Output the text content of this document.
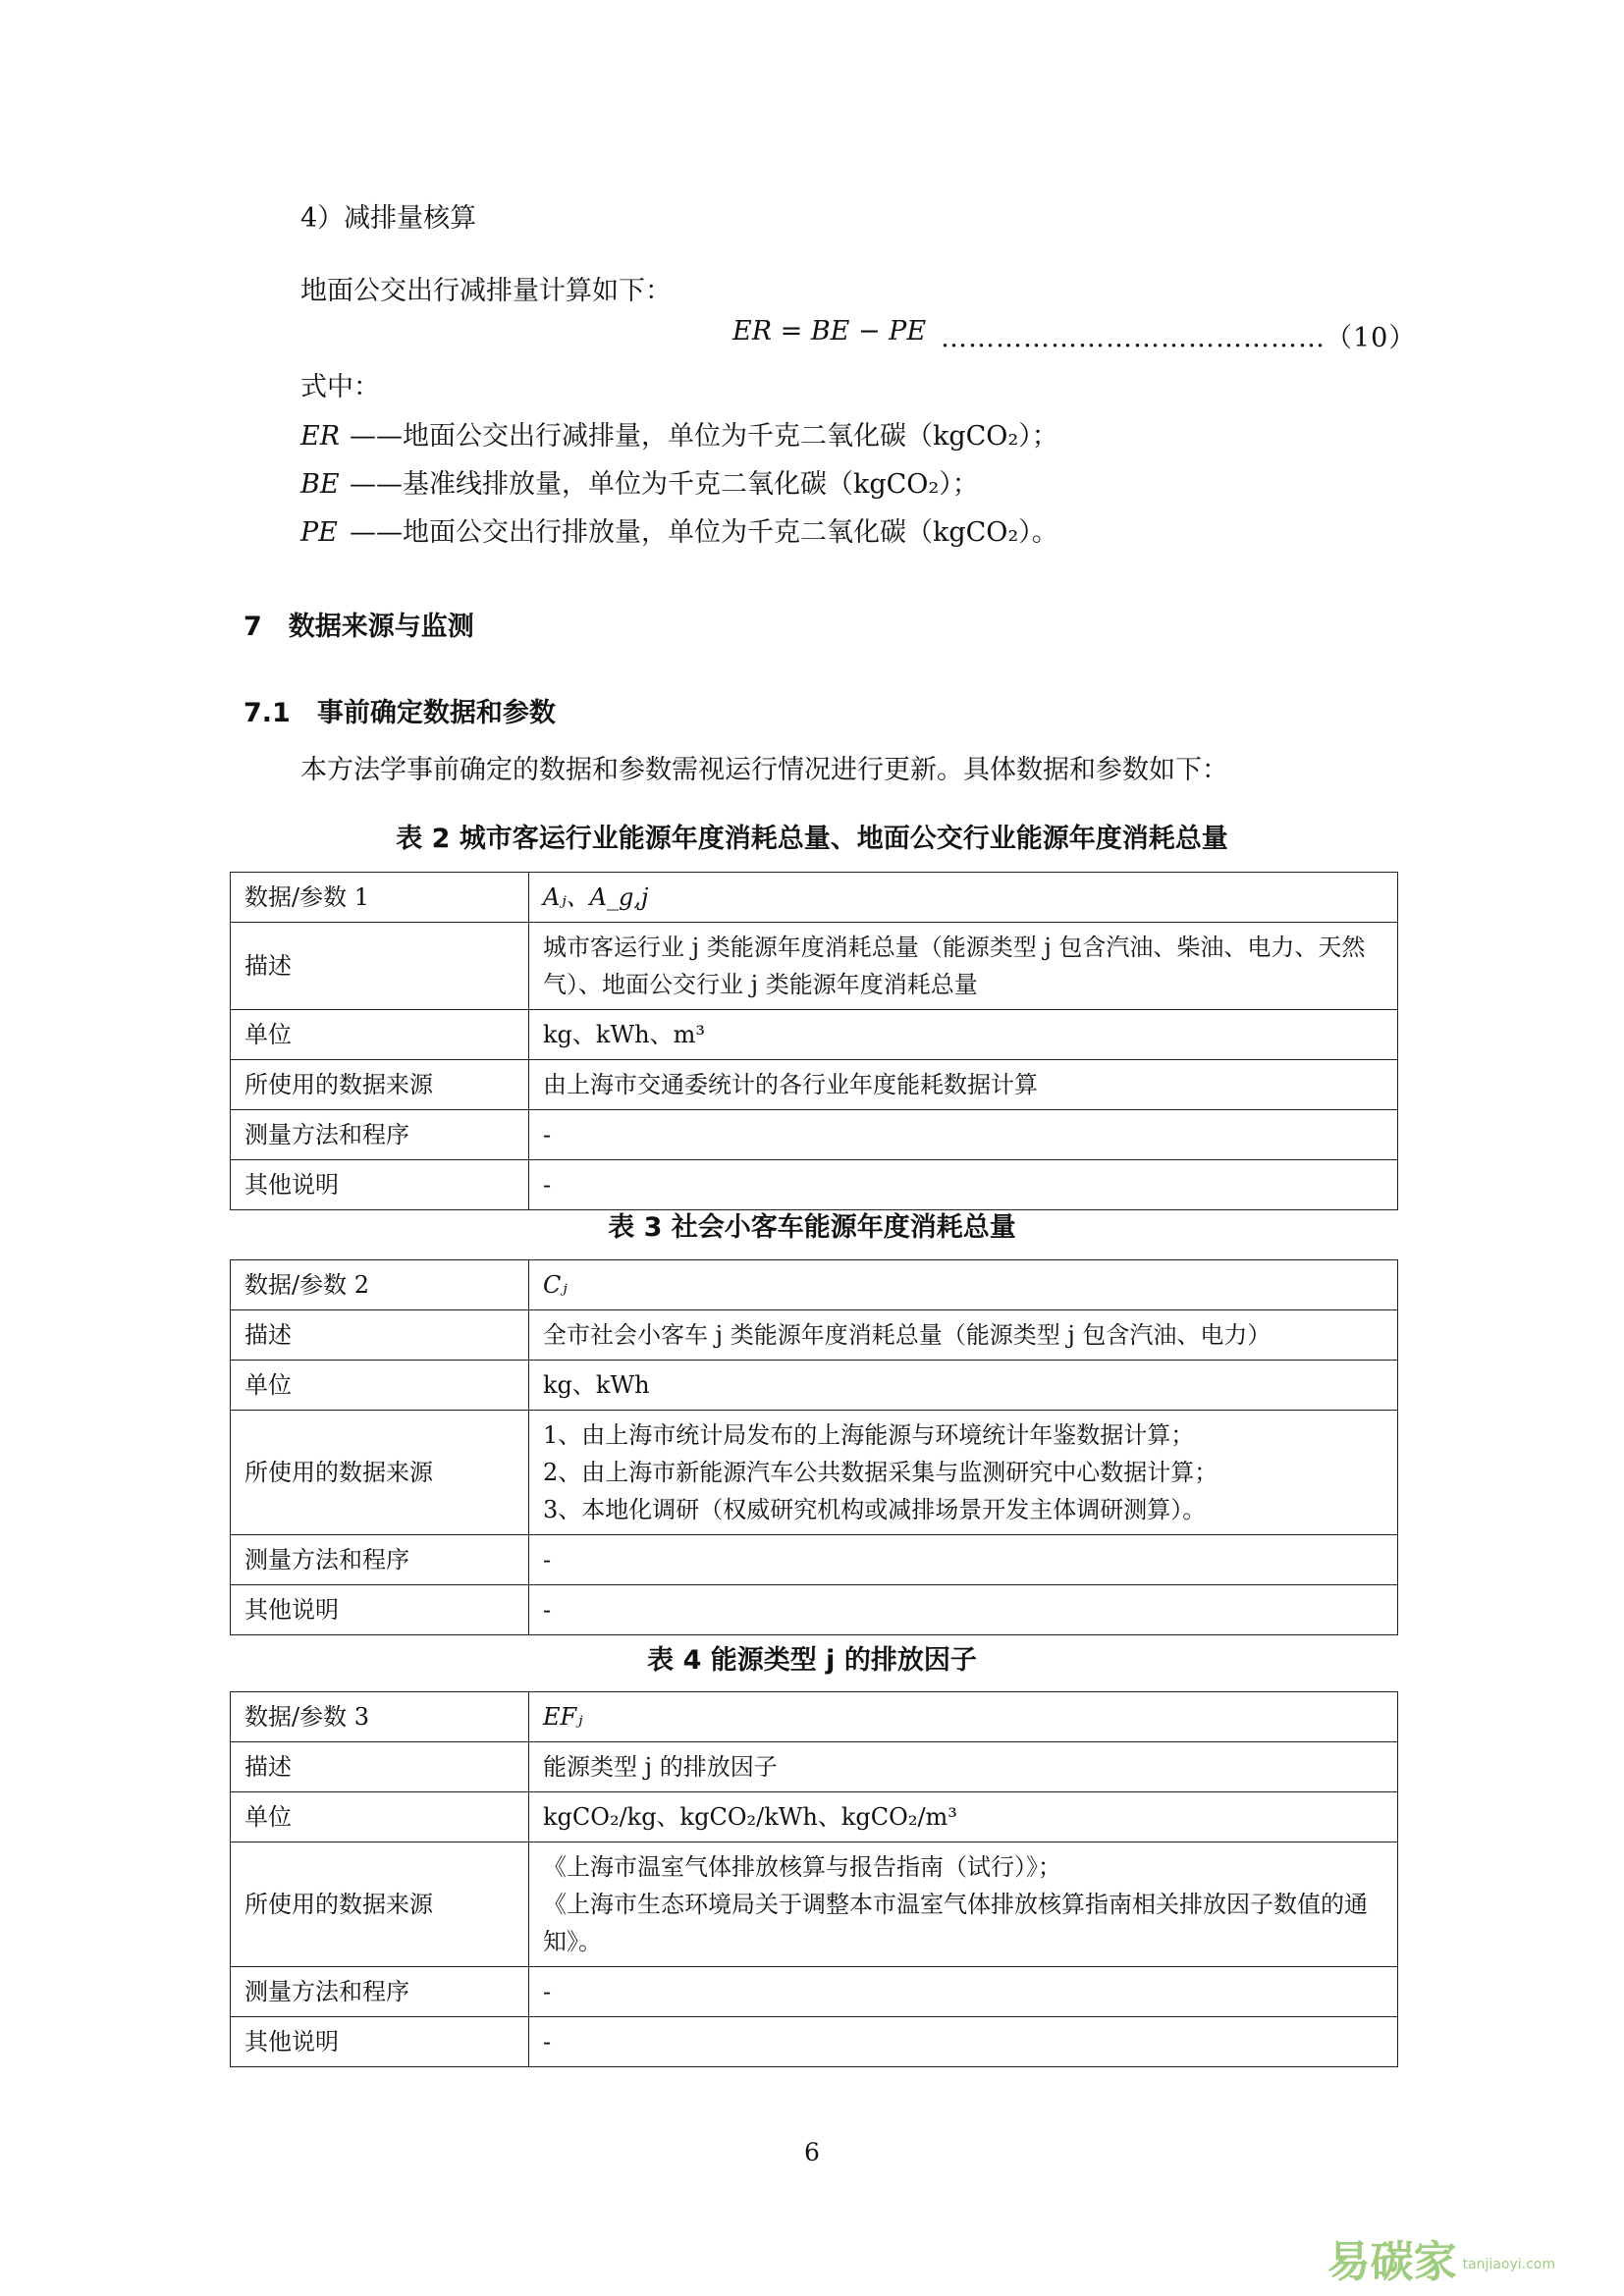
4）减排量核算
地面公交出行减排量计算如下：
ER = BE − PE ……………………………………（10）
式中：
ER ——地面公交出行减排量，单位为千克二氧化碳（kgCO₂）；
BE ——基准线排放量，单位为千克二氧化碳（kgCO₂）；
PE ——地面公交出行排放量，单位为千克二氧化碳（kgCO₂）。
7　数据来源与监测
7.1　事前确定数据和参数
本方法学事前确定的数据和参数需视运行情况进行更新。具体数据和参数如下：
表 2 城市客运行业能源年度消耗总量、地面公交行业能源年度消耗总量
数据/参数 1	Aⱼ、A_g,j
描述	城市客运行业 j 类能源年度消耗总量（能源类型 j 包含汽油、柴油、电力、天然气）、地面公交行业 j 类能源年度消耗总量
单位	kg、kWh、m³
所使用的数据来源	由上海市交通委统计的各行业年度能耗数据计算
测量方法和程序	-
其他说明	-
表 3 社会小客车能源年度消耗总量
数据/参数 2	Cⱼ
描述	全市社会小客车 j 类能源年度消耗总量（能源类型 j 包含汽油、电力）
单位	kg、kWh
所使用的数据来源	1、由上海市统计局发布的上海能源与环境统计年鉴数据计算；
2、由上海市新能源汽车公共数据采集与监测研究中心数据计算；
3、本地化调研（权威研究机构或减排场景开发主体调研测算）。

测量方法和程序	-
其他说明	-
表 4 能源类型 j 的排放因子
数据/参数 3	EFⱼ
描述	能源类型 j 的排放因子
单位	kgCO₂/kg、kgCO₂/kWh、kgCO₂/m³
所使用的数据来源	《上海市温室气体排放核算与报告指南（试行）》；
《上海市生态环境局关于调整本市温室气体排放核算指南相关排放因子数值的通知》。

测量方法和程序	-
其他说明	-
6
易碳家 tanjiaoyi.com
